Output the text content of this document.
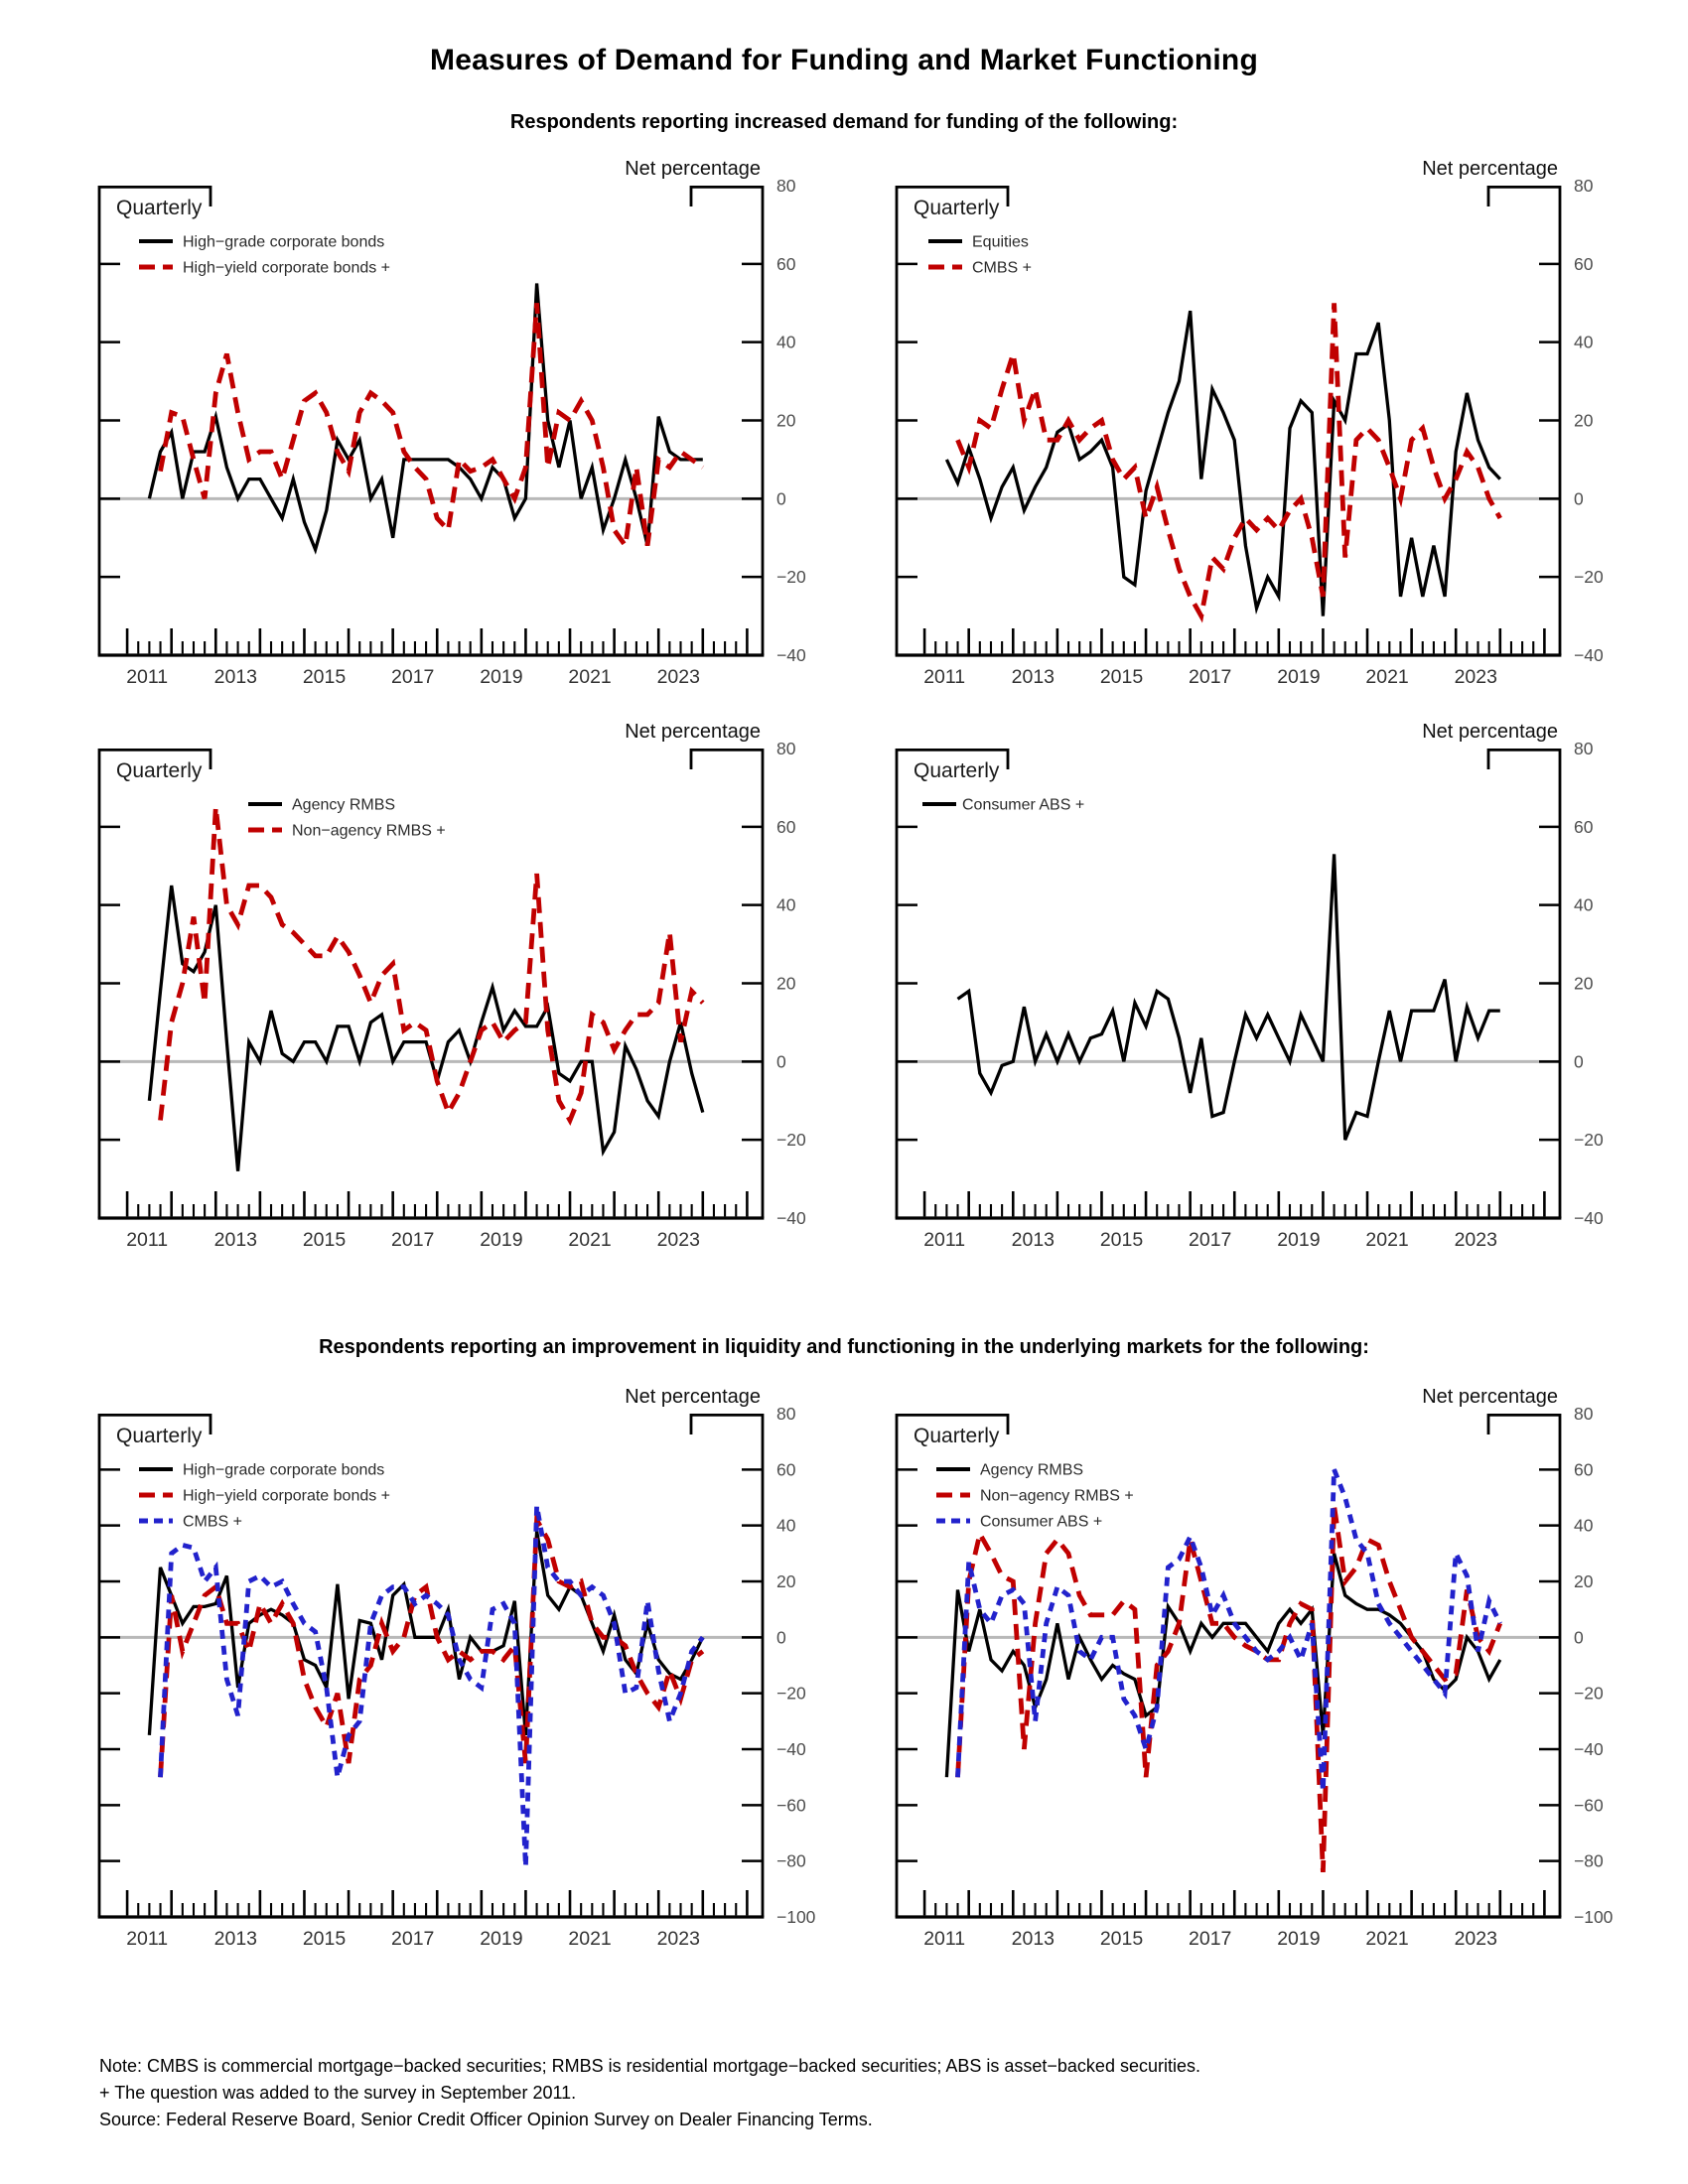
Measures of Demand for Funding and Market Functioning
Respondents reporting increased demand for funding of the following:
Respondents reporting an improvement in liquidity and functioning in the underlying markets for the following:
80
60
40
20
0
−20
−40
2011 2013 2015 2017 2019 2021 2023
Net percentage
Quarterly
High−grade corporate bonds
High−yield corporate bonds +
80
60
40
20
0
−20
−40
2011 2013 2015 2017 2019 2021 2023
Net percentage
Quarterly
Equities
CMBS +
80
60
40
20
0
−20
−40
2011 2013 2015 2017 2019 2021 2023
Net percentage
Quarterly
Agency RMBS
Non−agency RMBS +
80
60
40
20
0
−20
−40
2011 2013 2015 2017 2019 2021 2023
Net percentage
Quarterly
Consumer ABS +
80
60
40
20
0
−20
−40
−60
−80
−100
2011 2013 2015 2017 2019 2021 2023
Net percentage
Quarterly
High−grade corporate bonds
High−yield corporate bonds +
CMBS +
80
60
40
20
0
−20
−40
−60
−80
−100
2011 2013 2015 2017 2019 2021 2023
Net percentage
Quarterly
Agency RMBS
Non−agency RMBS +
Consumer ABS +
Note: CMBS is commercial mortgage−backed securities; RMBS is residential mortgage−backed securities; ABS is asset−backed securities.
+ The question was added to the survey in September 2011.
Source: Federal Reserve Board, Senior Credit Officer Opinion Survey on Dealer Financing Terms.
